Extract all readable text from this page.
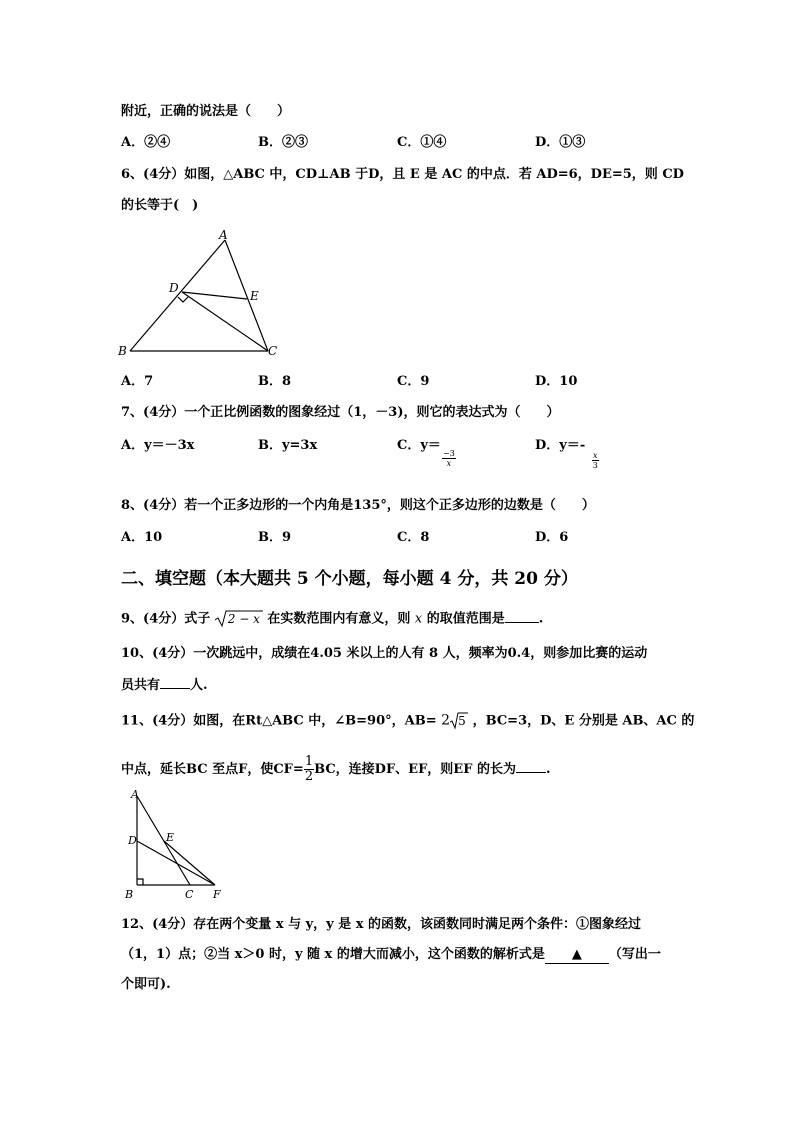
附近，正确的说法是（　　）
A．②④	B．②③	C．①④	D．①③
6、(4分）如图，△ABC 中，CD⊥AB 于D，且 E 是 AC 的中点．若 AD=6，DE=5，则 CD
的长等于(　)
A
D
E
B	C
A．7	B．8	C．9	D．10
7、(4分）一个正比例函数的图象经过（1，－3)，则它的表达式为（　　）
A．y＝－3x	B．y=3x	C．y＝
$\frac{-3}{x}$
D．y＝-
$\frac{x}{3}$
8、(4分）若一个正多边形的一个内角是135°，则这个正多边形的边数是（　　）
A．10	B．9	C．8	D．6
二、填空题（本大题共 5 个小题，每小题 4 分，共 20 分）
9、(4分）式子 2 − x 在实数范围内有意义，则 x 的取值范围是	.
10、(4分）一次跳远中，成绩在4.05 米以上的人有 8 人，频率为0.4，则参加比赛的运动
员共有 人.
11、(4分）如图，在Rt△ABC 中，∠B=90°，AB= 2 5 ，BC=3，D、E 分别是 AB、AC 的
中点，延长BC 至点F，使$CF= \frac{1}{2}$ BC，连接DF、EF，则EF 的长为 .
A
D	E
B	C F
12、(4分）存在两个变量 x 与 y，y 是 x 的函数，该函数同时满足两个条件：①图象经过
（1，1）点；②当 x＞0 时，y 随 x 的增大而减小，这个函数的解析式是 ▲ （写出一
个即可).
